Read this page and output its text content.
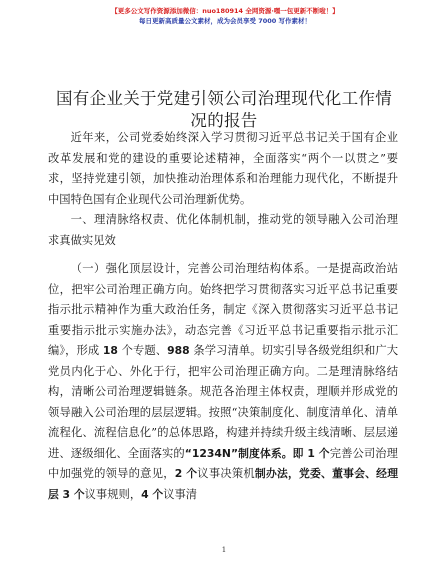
【更多公文写作资源添加微信：nuo180914 全网资源·嘿一包更新不断啦！】
每日更新高质量公文素材，成为会员享受 7000 写作素材！
国有企业关于党建引领公司治理现代化工作情况的报告

近年来，公司党委始终深入学习贯彻习近平总书记关于国有企业改革发展和党的建设的重要论述精神，全面落实“两个一以贯之”要求，坚持党建引领，加快推动治理体系和治理能力现代化，不断提升中国特色国有企业现代公司治理新优势。

一、理清脉络权责、优化体制机制，推动党的领导融入公司治理求真做实见效

（一）强化顶层设计，完善公司治理结构体系。一是提高政治站位，把牢公司治理正确方向。始终把学习贯彻落实习近平总书记重要指示批示精神作为重大政治任务，制定《深入贯彻落实习近平总书记重要指示批示实施办法》，动态完善《习近平总书记重要指示批示汇编》，形成 18 个专题、988 条学习清单。切实引导各级党组织和广大党员内化于心、外化于行，把牢公司治理正确方向。二是理清脉络结构，清晰公司治理逻辑链条。规范各治理主体权责，理顺并形成党的领导融入公司治理的层层逻辑。按照“决策制度化、制度清单化、清单流程化、流程信息化”的总体思路，构建并持续升级主线清晰、层层递进、逐级细化、全面落实的“1234N”制度体系。即 1 个完善公司治理中加强党的领导的意见，2 个议事决策机制办法，党委、董事会、经理层 3 个议事规则，4 个议事清

1
